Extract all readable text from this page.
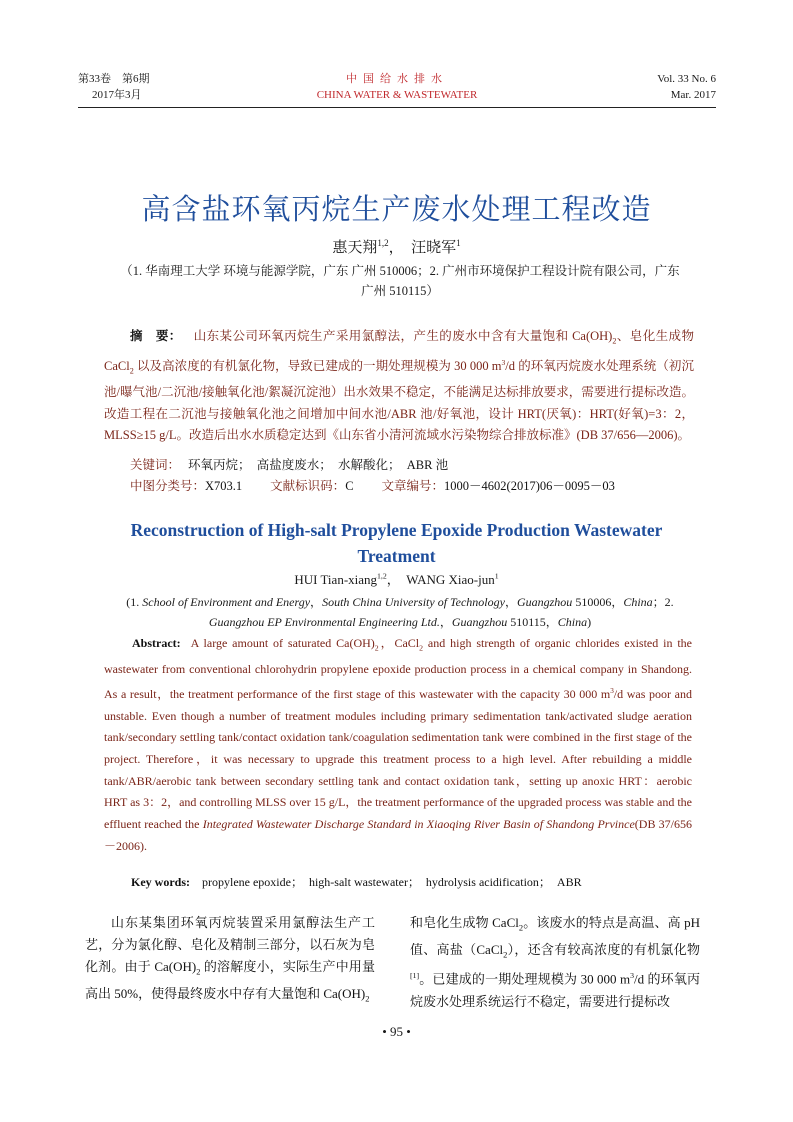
第33卷　第6期
2017年3月
中国给水排水
CHINA WATER & WASTEWATER
Vol. 33 No. 6
Mar. 2017
高含盐环氧丙烷生产废水处理工程改造
惠天翔$^{1,2}$，　汪晓军$^1$
（1. 华南理工大学 环境与能源学院，广东 广州 510006；2. 广州市环境保护工程设计院有限公司，广东 广州 510115）
摘　要： 山东某公司环氧丙烷生产采用氯醇法，产生的废水中含有大量饱和 $Ca(OH)_2$、皂化生成物 CaCl$_2$ 以及高浓度的有机氯化物，导致已建成的一期处理规模为 30 000 $m^3/d$ 的环氧丙烷废水处理系统（初沉池/曝气池/二沉池/接触氧化池/絮凝沉淀池）出水效果不稳定，不能满足达标排放要求，需要进行提标改造。改造工程在二沉池与接触氧化池之间增加中间水池/ABR 池/好氧池，设计 HRT(厌氧)：HRT(好氧)=3：2，MLSS≥15 g/L。改造后出水水质稳定达到《山东省小清河流域水污染物综合排放标准》(DB 37/656—2006)。
关键词： 环氧丙烷；　高盐度废水；　水解酸化；　ABR 池
中图分类号：X703.1 文献标识码：C 文章编号：1000－4602(2017)06－0095－03
Reconstruction of High-salt Propylene Epoxide Production Wastewater Treatment
HUI Tian-xiang$^{1,2}$，　WANG Xiao-jun$^1$
(1. School of Environment and Energy，South China University of Technology，Guangzhou 510006，China；2. Guangzhou EP Environmental Engineering Ltd.，Guangzhou 510115，China)
Abstract: A large amount of saturated $Ca(OH)_2$，CaCl$_2$ and high strength of organic chlorides existed in the wastewater from conventional chlorohydrin propylene epoxide production process in a chemical company in Shandong. As a result，the treatment performance of the first stage of this wastewater with the capacity 30 000 $m^3/d$ was poor and unstable. Even though a number of treatment modules including primary sedimentation tank/activated sludge aeration tank/secondary settling tank/contact oxidation tank/coagulation sedimentation tank were combined in the first stage of the project. Therefore，it was necessary to upgrade this treatment process to a high level. After rebuilding a middle tank/ABR/aerobic tank between secondary settling tank and contact oxidation tank，setting up anoxic HRT：aerobic HRT as 3：2，and controlling MLSS over 15 g/L，the treatment performance of the upgraded process was stable and the effluent reached the Integrated Wastewater Discharge Standard in Xiaoqing River Basin of Shandong Prvince(DB 37/656－2006).
Key words: propylene epoxide；　high-salt wastewater；　hydrolysis acidification；　ABR
山东某集团环氧丙烷装置采用氯醇法生产工艺，分为氯化醇、皂化及精制三部分，以石灰为皂化剂。由于 $Ca(OH)_2$ 的溶解度小，实际生产中用量高出 50%，使得最终废水中存有大量饱和 $Ca(OH)_2$
和皂化生成物 CaCl$_2$。该废水的特点是高温、高 pH 值、高盐（CaCl$_2$），还含有较高浓度的有机氯化物[1]。已建成的一期处理规模为 30 000 $m^3/d$ 的环氧丙烷废水处理系统运行不稳定，需要进行提标改
• 95 •
